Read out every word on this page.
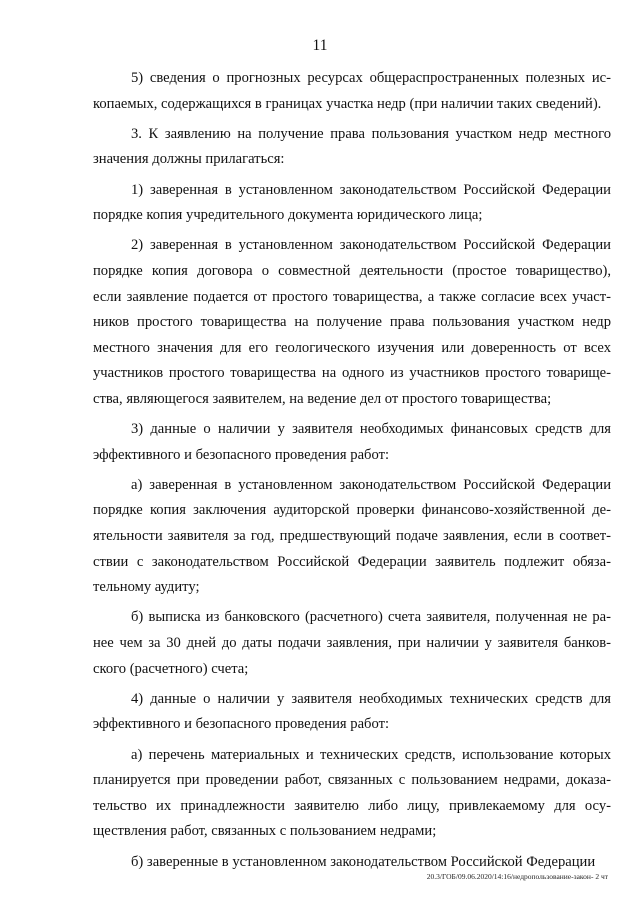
11
5) сведения о прогнозных ресурсах общераспространенных полезных ис-
копаемых, содержащихся в границах участка недр (при наличии таких сведений).
3. К заявлению на получение права пользования участком недр местного
значения должны прилагаться:
1) заверенная в установленном законодательством Российской Федерации
порядке копия учредительного документа юридического лица;
2) заверенная в установленном законодательством Российской Федерации
порядке копия договора о совместной деятельности (простое товарищество),
если заявление подается от простого товарищества, а также согласие всех участ-
ников простого товарищества на получение права пользования участком недр
местного значения для его геологического изучения или доверенность от всех
участников простого товарищества на одного из участников простого товарище-
ства, являющегося заявителем, на ведение дел от простого товарищества;
3) данные о наличии у заявителя необходимых финансовых средств для
эффективного и безопасного проведения работ:
а) заверенная в установленном законодательством Российской Федерации
порядке копия заключения аудиторской проверки финансово-хозяйственной де-
ятельности заявителя за год, предшествующий подаче заявления, если в соответ-
ствии с законодательством Российской Федерации заявитель подлежит обяза-
тельному аудиту;
б) выписка из банковского (расчетного) счета заявителя, полученная не ра-
нее чем за 30 дней до даты подачи заявления, при наличии у заявителя банков-
ского (расчетного) счета;
4) данные о наличии у заявителя необходимых технических средств для
эффективного и безопасного проведения работ:
а) перечень материальных и технических средств, использование которых
планируется при проведении работ, связанных с пользованием недрами, доказа-
тельство их принадлежности заявителю либо лицу, привлекаемому для осу-
ществления работ, связанных с пользованием недрами;
б) заверенные в установленном законодательством Российской Федерации
20.3/ГОБ/09.06.2020/14:16/недропользование-закон- 2 чт
